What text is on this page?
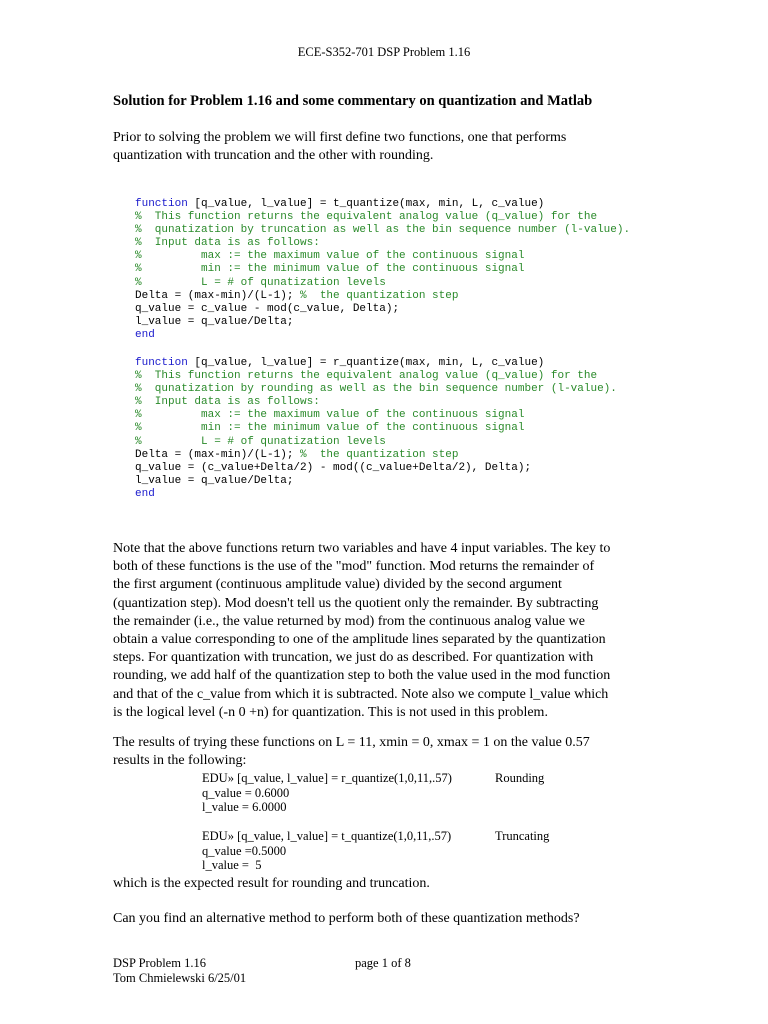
ECE-S352-701 DSP Problem 1.16
Solution for Problem 1.16 and some commentary on quantization and Matlab
Prior to solving the problem we will first define two functions, one that performs
quantization with truncation and the other with rounding.
function [q_value, l_value] = t_quantize(max, min, L, c_value)
%  This function returns the equivalent analog value (q_value) for the
%  qunatization by truncation as well as the bin sequence number (l-value).
%  Input data is as follows:
%         max := the maximum value of the continuous signal
%         min := the minimum value of the continuous signal
%         L = # of qunatization levels
Delta = (max-min)/(L-1); %  the quantization step
q_value = c_value - mod(c_value, Delta);
l_value = q_value/Delta;
end
function [q_value, l_value] = r_quantize(max, min, L, c_value)
%  This function returns the equivalent analog value (q_value) for the
%  qunatization by rounding as well as the bin sequence number (l-value).
%  Input data is as follows:
%         max := the maximum value of the continuous signal
%         min := the minimum value of the continuous signal
%         L = # of qunatization levels
Delta = (max-min)/(L-1); %  the quantization step
q_value = (c_value+Delta/2) - mod((c_value+Delta/2), Delta);
l_value = q_value/Delta;
end
Note that the above functions return two variables and have 4 input variables. The key to
both of these functions is the use of the "mod" function. Mod returns the remainder of
the first argument (continuous amplitude value) divided by the second argument
(quantization step). Mod doesn't tell us the quotient only the remainder. By subtracting
the remainder (i.e., the value returned by mod) from the continuous analog value we
obtain a value corresponding to one of the amplitude lines separated by the quantization
steps. For quantization with truncation, we just do as described. For quantization with
rounding, we add half of the quantization step to both the value used in the mod function
and that of the c_value from which it is subtracted. Note also we compute l_value which
is the logical level (-n 0 +n) for quantization. This is not used in this problem.
The results of trying these functions on L = 11, xmin = 0, xmax = 1 on the value 0.57
results in the following:
EDU» [q_value, l_value] = r_quantize(1,0,11,.57)
q_value = 0.6000
l_value = 6.0000
Rounding
EDU» [q_value, l_value] = t_quantize(1,0,11,.57)
q_value =0.5000
l_value =  5
Truncating
which is the expected result for rounding and truncation.
Can you find an alternative method to perform both of these quantization methods?
DSP Problem 1.16
Tom Chmielewski 6/25/01
page 1 of 8
